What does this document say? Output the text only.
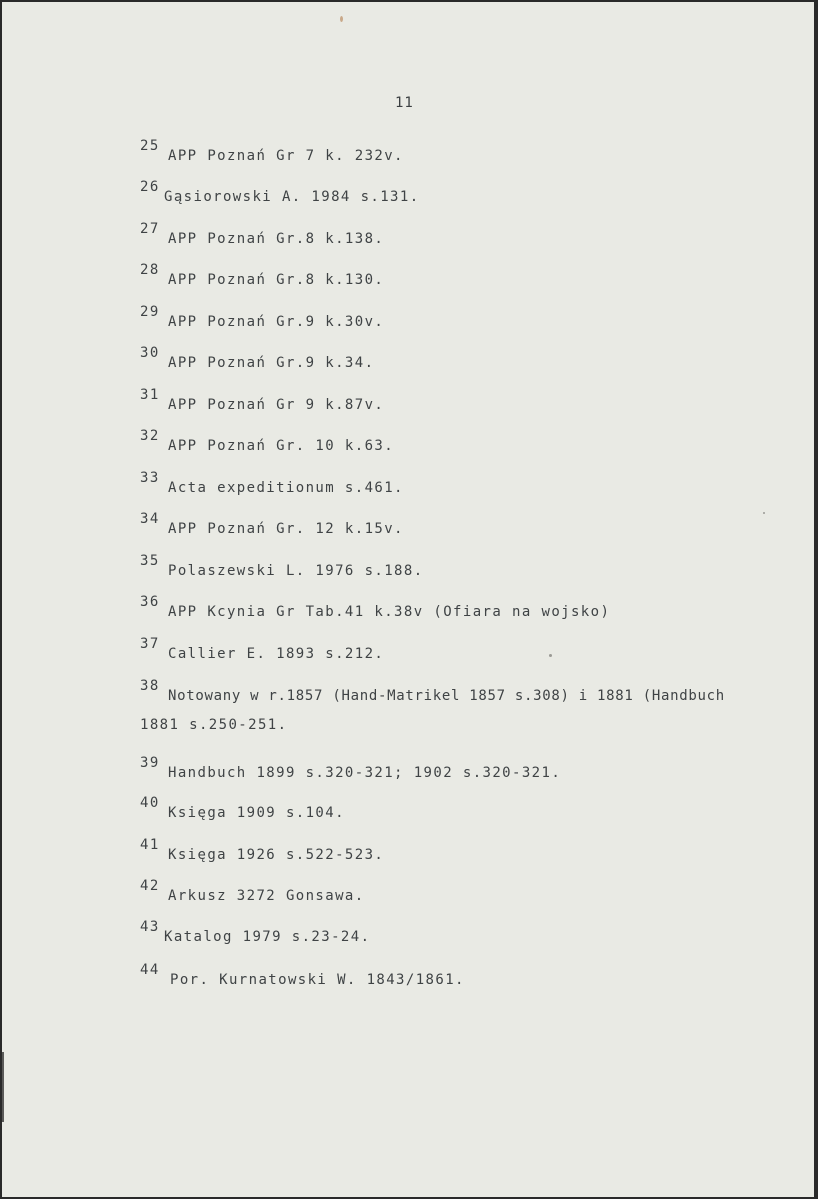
11
25
APP Poznań Gr 7 k. 232v.
26
Gąsiorowski A. 1984 s.131.
27
APP Poznań Gr.8 k.138.
28
APP Poznań Gr.8 k.130.
29
APP Poznań Gr.9 k.30v.
30
APP Poznań Gr.9 k.34.
31
APP Poznań Gr 9 k.87v.
32
APP Poznań Gr. 10 k.63.
33
Acta expeditionum s.461.
34
APP Poznań Gr. 12 k.15v.
35
Polaszewski L. 1976 s.188.
36
APP Kcynia Gr Tab.41 k.38v (Ofiara na wojsko)
37
Callier E. 1893 s.212.
38
Notowany w r.1857 (Hand-Matrikel 1857 s.308) i 1881 (Handbuch
1881 s.250-251.
39
Handbuch 1899 s.320-321; 1902 s.320-321.
40
Księga 1909 s.104.
41
Księga 1926 s.522-523.
42
Arkusz 3272 Gonsawa.
43
Katalog 1979 s.23-24.
44
Por. Kurnatowski W. 1843/1861.
